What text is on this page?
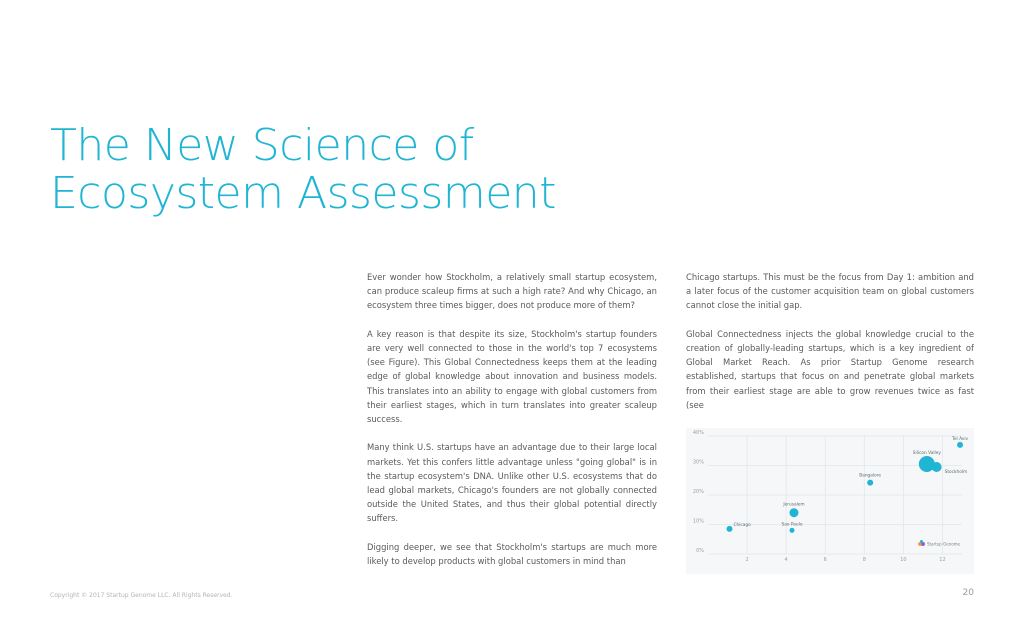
The New Science of
Ecosystem Assessment

Ever wonder how Stockholm, a relatively small startup ecosystem, can produce scaleup firms at such a high rate? And why Chicago, an ecosystem three times bigger, does not produce more of them?

A key reason is that despite its size, Stockholm's startup founders are very well connected to those in the world's top 7 ecosystems (see Figure). This Global Connectedness keeps them at the leading edge of global knowledge about innovation and business models. This translates into an ability to engage with global customers from their earliest stages, which in turn translates into greater scaleup success.

Many think U.S. startups have an advantage due to their large local markets. Yet this confers little advantage unless "going global" is in the startup ecosystem's DNA. Unlike other U.S. ecosystems that do lead global markets, Chicago's founders are not globally connected outside the United States, and thus their global potential directly suffers.

Digging deeper, we see that Stockholm's startups are much more likely to develop products with global customers in mind than

Chicago startups. This must be the focus from Day 1: ambition and a later focus of the customer acquisition team on global customers cannot close the initial gap.

Global Connectedness injects the global knowledge crucial to the creation of globally-leading startups, which is a key ingredient of Global Market Reach. As prior Startup Genome research established, startups that focus on and penetrate global markets from their earliest stage are able to grow revenues twice as fast (see

0%
10%
20%
30%
40%
2	4	6	8	10	12
Tel Aviv
Silicon Valley
Stockholm
Bangalore
Jerusalem
Chicago	Sao Paulo
Startup Genome
Copyright © 2017 Startup Genome LLC. All Rights Reserved.	20
